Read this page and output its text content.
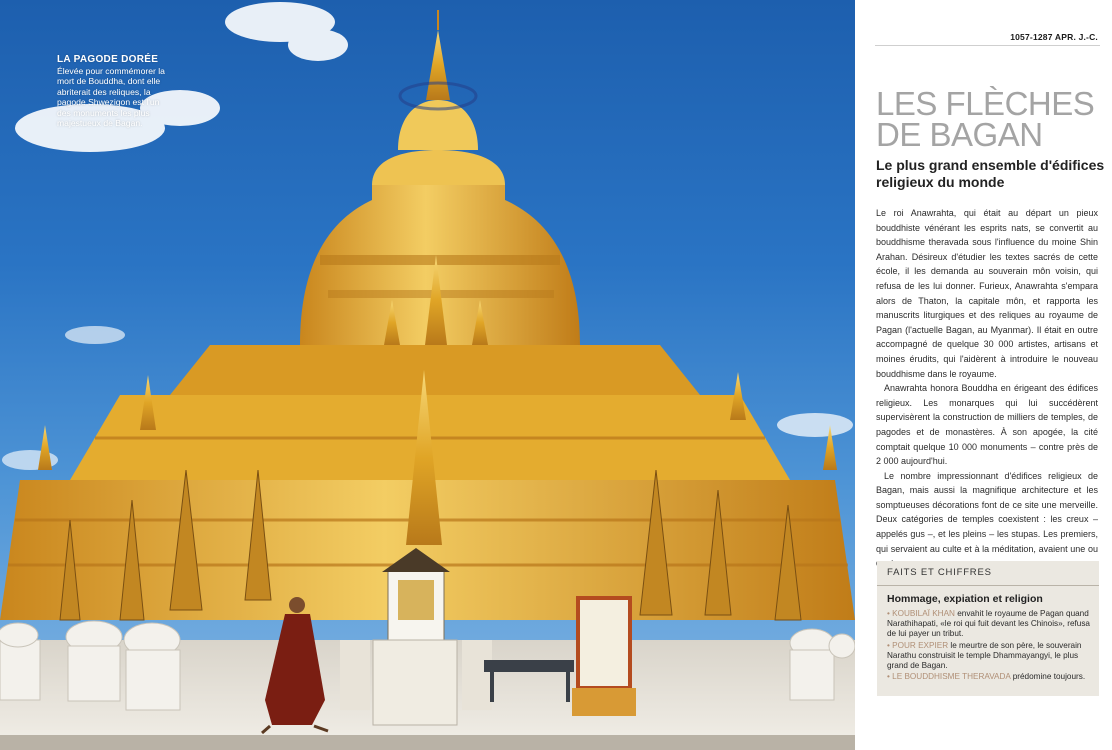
LA PAGODE DORÉE
Élevée pour commémorer la mort de Bouddha, dont elle abriterait des reliques, la pagode Shwezigon est l'un des monuments les plus majestueux de Bagan.
1057-1287 APR. J.-C.
LES FLÈCHES
DE BAGAN
Le plus grand ensemble d'édifices religieux du monde

Le roi Anawrahta, qui était au départ un pieux bouddhiste vénérant les esprits nats, se convertit au bouddhisme theravada sous l'influence du moine Shin Arahan. Désireux d'étudier les textes sacrés de cette école, il les demanda au souverain môn voisin, qui refusa de les lui donner. Furieux, Anawrahta s'empara alors de Thaton, la capitale môn, et rapporta les manuscrits liturgiques et des reliques au royaume de Pagan (l'actuelle Bagan, au Myanmar). Il était en outre accompagné de quelque 30 000 artistes, artisans et moines érudits, qui l'aidèrent à introduire le nouveau bouddhisme dans le royaume.

Anawrahta honora Bouddha en érigeant des édifices religieux. Les monarques qui lui succédèrent supervisèrent la construction de milliers de temples, de pagodes et de monastères. À son apogée, la cité comptait quelque 10 000 monuments – contre près de 2 000 aujourd'hui.

Le nombre impressionnant d'édifices religieux de Bagan, mais aussi la magnifique architecture et les somptueuses décorations font de ce site une merveille. Deux catégories de temples coexistent : les creux – appelés gus –, et les pleins – les stupas. Les premiers, qui servaient au culte et à la méditation, avaient une ou

FAITS ET CHIFFRES
Hommage, expiation et religion
• KOUBILAÏ KHAN envahit le royaume de Pagan quand Narathihapati, «le roi qui fuit devant les Chinois», refusa de lui payer un tribut.
• POUR EXPIER le meurtre de son père, le souverain Narathu construisit le temple Dhammayangyi, le plus grand de Bagan.
• LE BOUDDHISME THERAVADA prédomine toujours.
